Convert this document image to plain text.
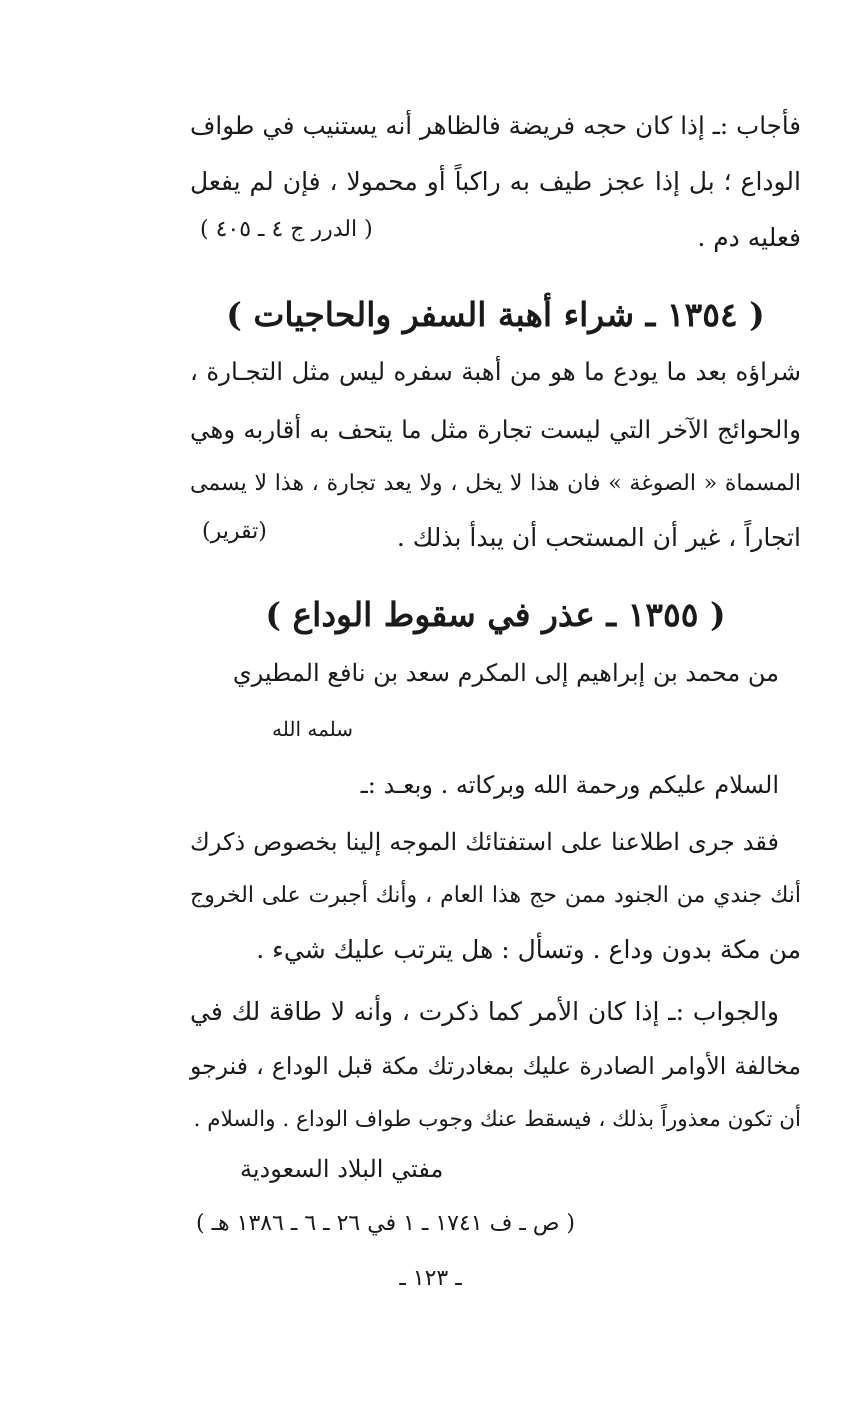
فأجاب :ـ إذا كان حجه فريضة فالظاهر أنه يستنيب في طواف
الوداع ؛ بل إذا عجز طيف به راكباً أو محمولا ، فإن لم يفعل
فعليه دم .
( الدرر ج ٤ ـ ٤٠٥ )
( ١٣٥٤ ـ شراء أهبة السفر والحاجيات )
شراؤه بعد ما يودع ما هو من أهبة سفره ليس مثل التجـارة ،
والحوائج الآخر التي ليست تجارة مثل ما يتحف به أقاربه وهي
المسماة « الصوغة » فان هذا لا يخل ، ولا يعد تجارة ، هذا لا يسمى
اتجاراً ، غير أن المستحب أن يبدأ بذلك .
(تقرير)
( ١٣٥٥ ـ عذر في سقوط الوداع )
من محمد بن إبراهيم إلى المكرم سعد بن نافع المطيري
سلمه الله
السلام عليكم ورحمة الله وبركاته . وبعـد :ـ
فقد جرى اطلاعنا على استفتائك الموجه إلينا بخصوص ذكرك
أنك جندي من الجنود ممن حج هذا العام ، وأنك أجبرت على الخروج
من مكة بدون وداع . وتسأل : هل يترتب عليك شيء .
والجواب :ـ إذا كان الأمر كما ذكرت ، وأنه لا طاقة لك في
مخالفة الأوامر الصادرة عليك بمغادرتك مكة قبل الوداع ، فنرجو
أن تكون معذوراً بذلك ، فيسقط عنك وجوب طواف الوداع . والسلام .
مفتي البلاد السعودية
( ص ـ ف ١٧٤١ ـ ١ في ٢٦ ـ ٦ ـ ١٣٨٦ هـ )
ـ ١٢٣ ـ
